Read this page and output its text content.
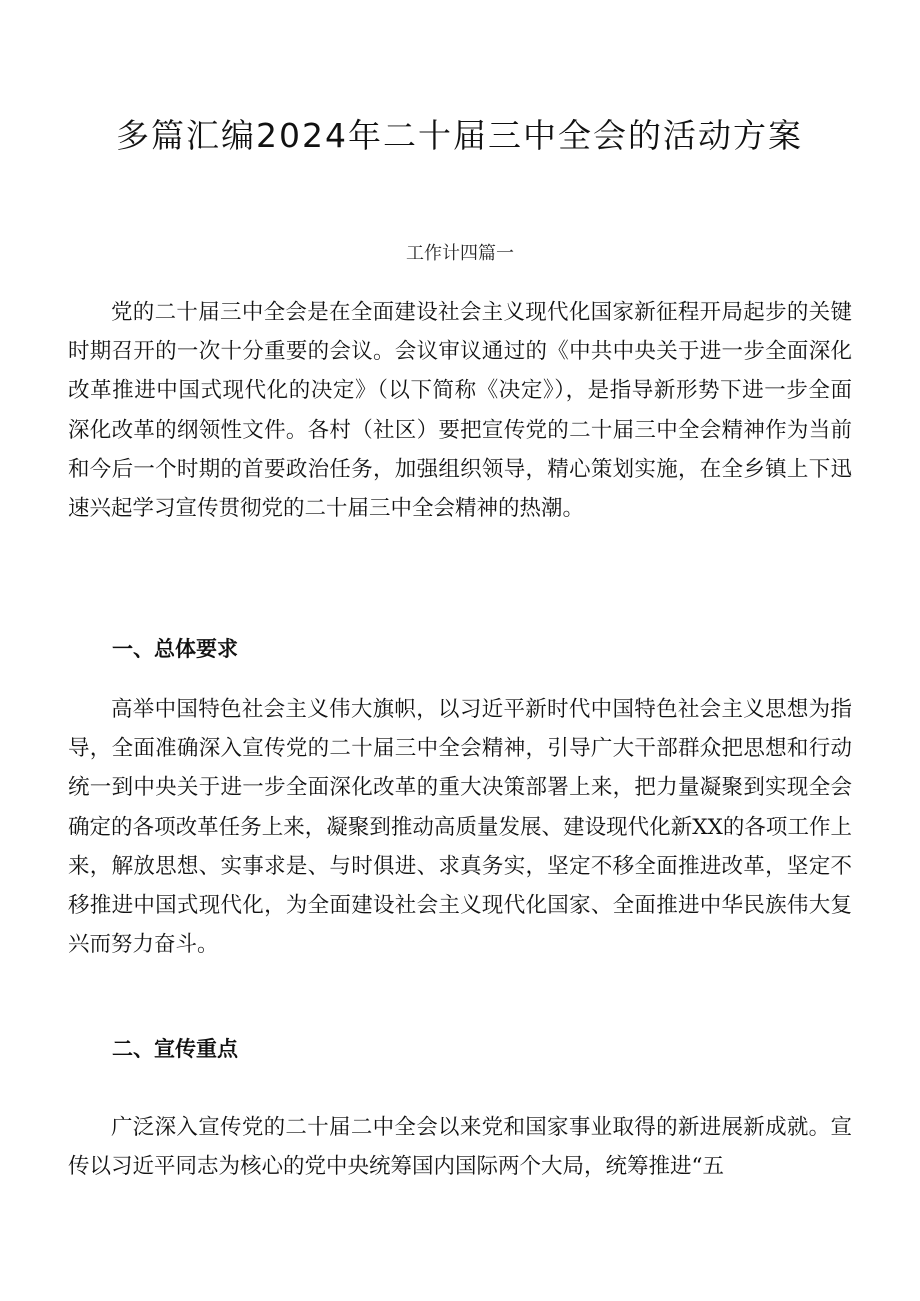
多篇汇编2024年二十届三中全会的活动方案
工作计四篇一

党的二十届三中全会是在全面建设社会主义现代化国家新征程开局起步的关键时期召开的一次十分重要的会议。会议审议通过的《中共中央关于进一步全面深化改革推进中国式现代化的决定》（以下简称《决定》），是指导新形势下进一步全面深化改革的纲领性文件。各村（社区）要把宣传党的二十届三中全会精神作为当前和今后一个时期的首要政治任务，加强组织领导，精心策划实施，在全乡镇上下迅速兴起学习宣传贯彻党的二十届三中全会精神的热潮。

一、总体要求

高举中国特色社会主义伟大旗帜，以习近平新时代中国特色社会主义思想为指导，全面准确深入宣传党的二十届三中全会精神，引导广大干部群众把思想和行动统一到中央关于进一步全面深化改革的重大决策部署上来，把力量凝聚到实现全会确定的各项改革任务上来，凝聚到推动高质量发展、建设现代化新XX的各项工作上来，解放思想、实事求是、与时俱进、求真务实，坚定不移全面推进改革，坚定不移推进中国式现代化，为全面建设社会主义现代化国家、全面推进中华民族伟大复兴而努力奋斗。

二、宣传重点

广泛深入宣传党的二十届二中全会以来党和国家事业取得的新进展新成就。宣传以习近平同志为核心的党中央统筹国内国际两个大局，统筹推进“五
